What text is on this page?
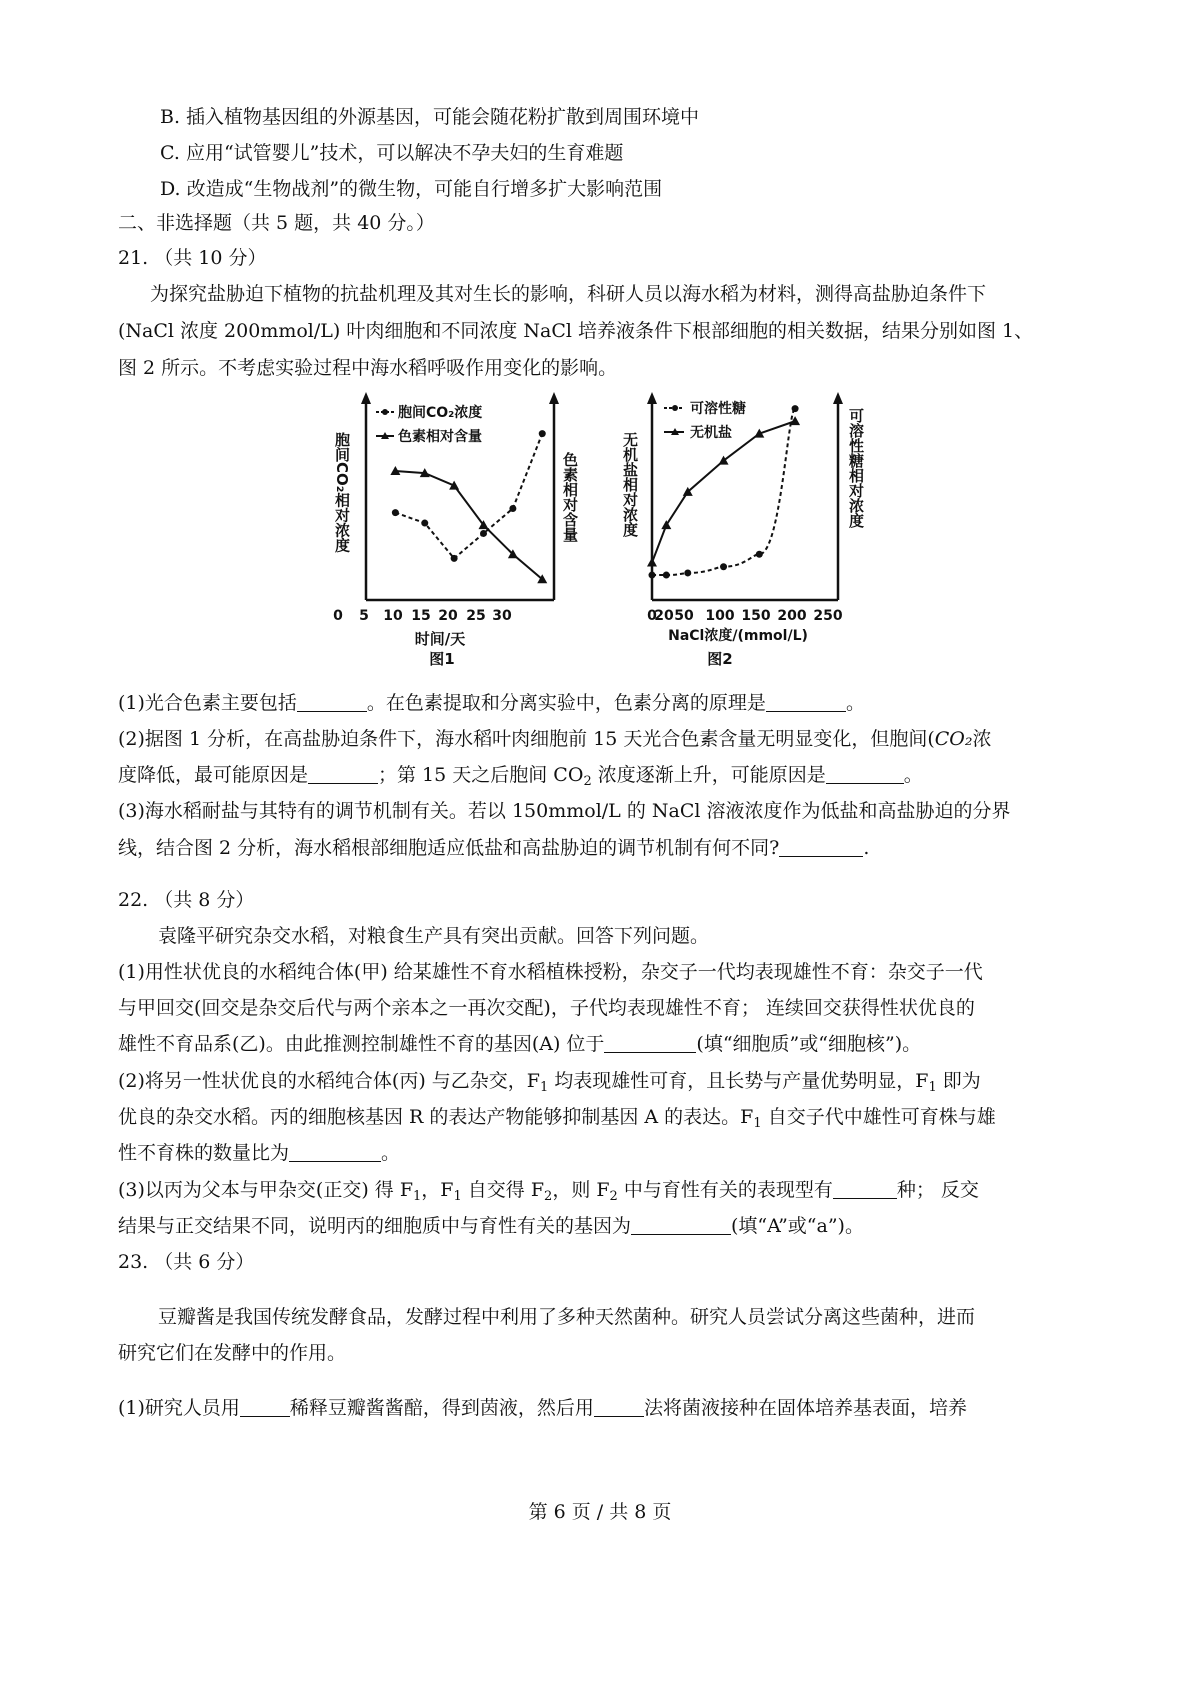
B. 插入植物基因组的外源基因，可能会随花粉扩散到周围环境中
C. 应用“试管婴儿”技术，可以解决不孕夫妇的生育难题
D. 改造成“生物战剂”的微生物，可能自行增多扩大影响范围
二、非选择题（共 5 题，共 40 分。）
21. （共 10 分）
为探究盐胁迫下植物的抗盐机理及其对生长的影响，科研人员以海水稻为材料，测得高盐胁迫条件下
(NaCl 浓度 200mmol/L) 叶肉细胞和不同浓度 NaCl 培养液条件下根部细胞的相关数据，结果分别如图 1、
图 2 所示。不考虑实验过程中海水稻呼吸作用变化的影响。
胞间CO₂浓度
色素相对含量
0 5 10 15 20 25 30
胞间CO₂相对浓度	色素相对含量
时间/天
图1
可溶性糖
无机盐
0
20 50 100 150 200 250
无机盐相对浓度	可溶性糖相对浓度
NaCl浓度/(mmol/L)
图2
(1)光合色素主要包括	。在色素提取和分离实验中，色素分离的原理是	。
(2)据图 1 分析，在高盐胁迫条件下，海水稻叶肉细胞前 15 天光合色素含量无明显变化，但胞间(CO₂浓
度降低，最可能原因是	；第 15 天之后胞间 $CO_2$ 浓度逐渐上升，可能原因是	。
(3)海水稻耐盐与其特有的调节机制有关。若以 150mmol/L 的 NaCl 溶液浓度作为低盐和高盐胁迫的分界
线，结合图 2 分析，海水稻根部细胞适应低盐和高盐胁迫的调节机制有何不同?	.
22. （共 8 分）
袁隆平研究杂交水稻，对粮食生产具有突出贡献。回答下列问题。
(1)用性状优良的水稻纯合体(甲) 给某雄性不育水稻植株授粉，杂交子一代均表现雄性不育：杂交子一代
与甲回交(回交是杂交后代与两个亲本之一再次交配)，子代均表现雄性不育； 连续回交获得性状优良的
雄性不育品系(乙)。由此推测控制雄性不育的基因(A) 位于	(填“细胞质”或“细胞核”)。
(2)将另一性状优良的水稻纯合体(丙) 与乙杂交，$F_1$ 均表现雄性可育，且长势与产量优势明显，$F_1$ 即为
优良的杂交水稻。丙的细胞核基因 R 的表达产物能够抑制基因 A 的表达。$F_1$ 自交子代中雄性可育株与雄
性不育株的数量比为	。
(3)以丙为父本与甲杂交(正交) 得 $F_1$，$F_1$ 自交得 $F_2$，则 $F_2$ 中与育性有关的表现型有	种； 反交
结果与正交结果不同，说明丙的细胞质中与育性有关的基因为	(填“A”或“a”)。
23. （共 6 分）
豆瓣酱是我国传统发酵食品，发酵过程中利用了多种天然菌种。研究人员尝试分离这些菌种，进而
研究它们在发酵中的作用。
(1)研究人员用	稀释豆瓣酱酱醅，得到茵液，然后用	法将菌液接种在固体培养基表面，培养
第 6 页 / 共 8 页
